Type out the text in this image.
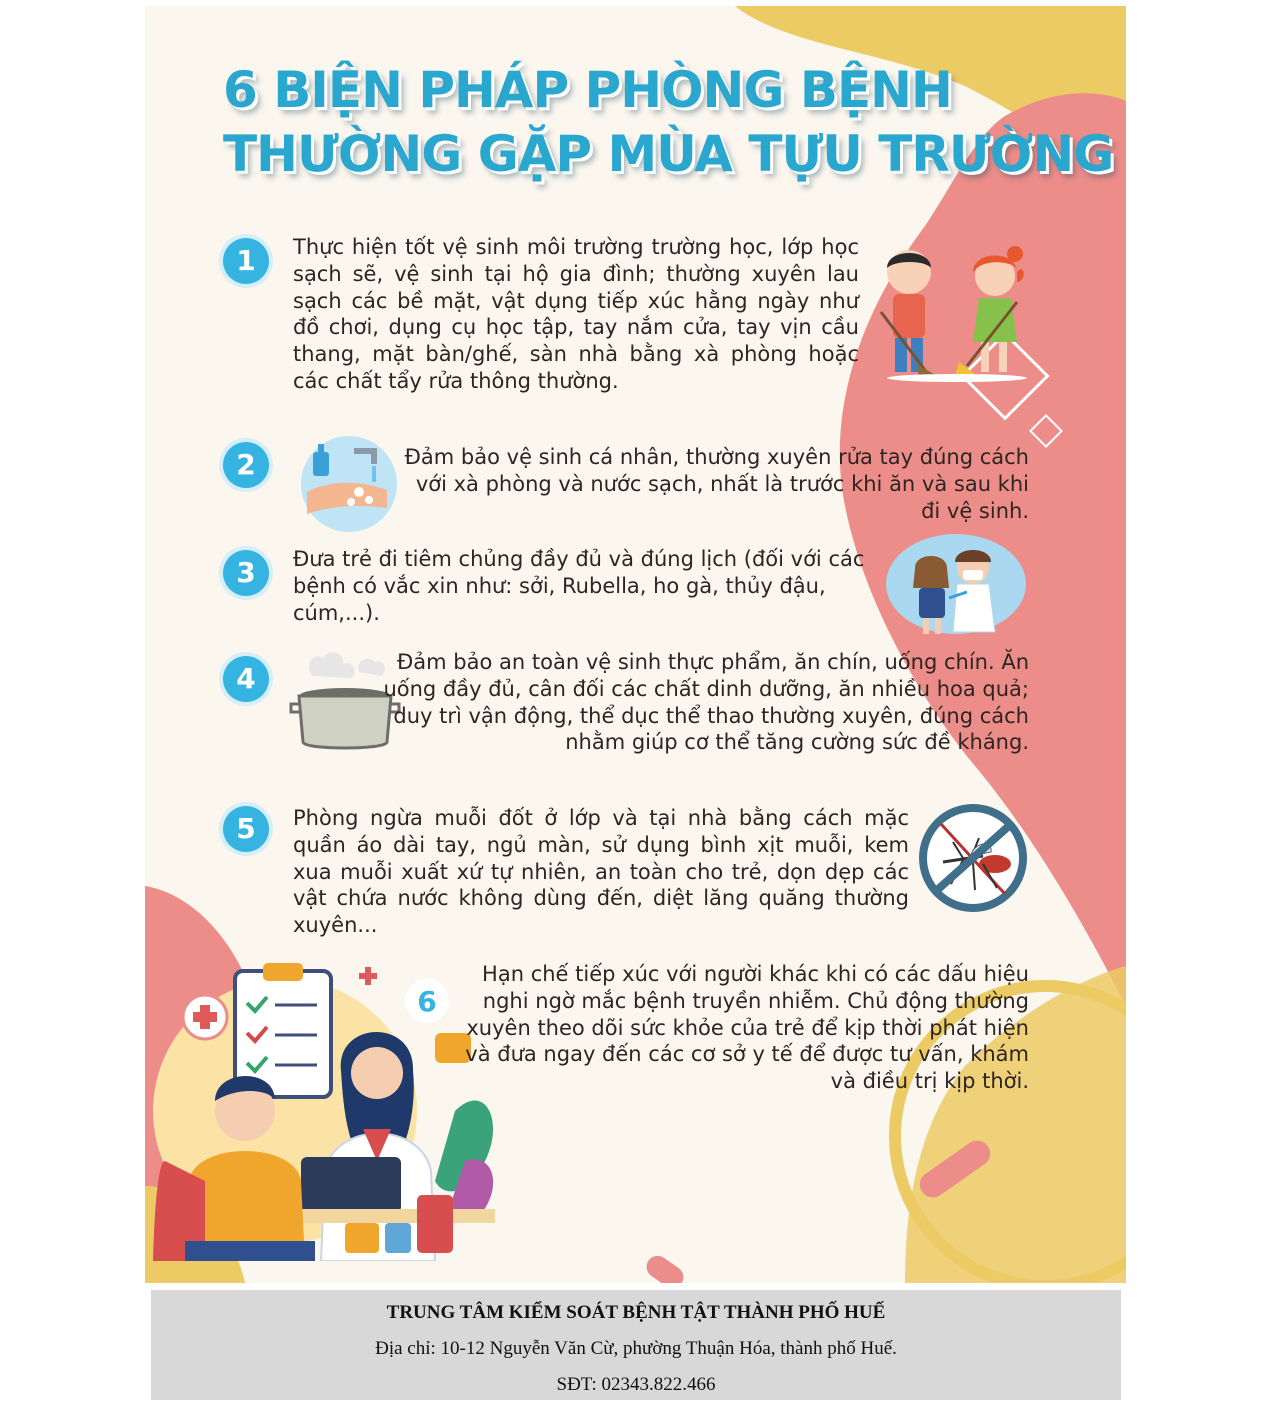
6 BIỆN PHÁP PHÒNG BỆNH
THƯỜNG GẶP MÙA TỰU TRƯỜNG
1	Thực hiện tốt vệ sinh môi trường trường học, lớp học sạch sẽ, vệ sinh tại hộ gia đình; thường xuyên lau sạch các bề mặt, vật dụng tiếp xúc hằng ngày như đồ chơi, dụng cụ học tập, tay nắm cửa, tay vịn cầu thang, mặt bàn/ghế, sàn nhà bằng xà phòng hoặc các chất tẩy rửa thông thường.

2	Đảm bảo vệ sinh cá nhân, thường xuyên rửa tay đúng cách với xà phòng và nước sạch, nhất là trước khi ăn và sau khi đi vệ sinh.

3	Đưa trẻ đi tiêm chủng đầy đủ và đúng lịch (đối với các bệnh có vắc xin như: sởi, Rubella, ho gà, thủy đậu, cúm,...).

4	Đảm bảo an toàn vệ sinh thực phẩm, ăn chín, uống chín. Ăn uống đầy đủ, cân đối các chất dinh dưỡng, ăn nhiều hoa quả; duy trì vận động, thể dục thể thao thường xuyên, đúng cách nhằm giúp cơ thể tăng cường sức đề kháng.

5	Phòng ngừa muỗi đốt ở lớp và tại nhà bằng cách mặc quần áo dài tay, ngủ màn, sử dụng bình xịt muỗi, kem xua muỗi xuất xứ tự nhiên, an toàn cho trẻ, dọn dẹp các vật chứa nước không dùng đến, diệt lăng quăng thường xuyên...

6

Hạn chế tiếp xúc với người khác khi có các dấu hiệu nghi ngờ mắc bệnh truyền nhiễm. Chủ động thường xuyên theo dõi sức khỏe của trẻ để kịp thời phát hiện và đưa ngay đến các cơ sở y tế để được tư vấn, khám và điều trị kịp thời.

TRUNG TÂM KIỂM SOÁT BỆNH TẬT THÀNH PHỐ HUẾ
Địa chỉ: 10-12 Nguyễn Văn Cừ, phường Thuận Hóa, thành phố Huế.
SĐT: 02343.822.466
